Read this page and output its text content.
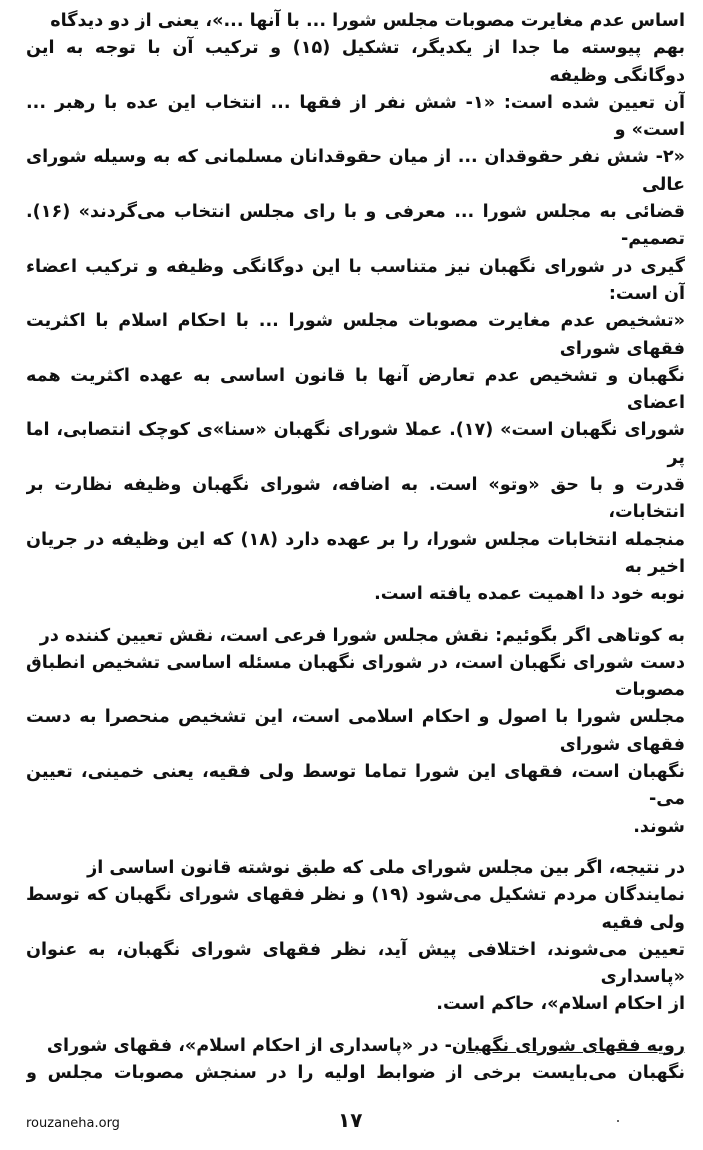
اساس عدم مغایرت مصوبات مجلس شورا ... با آنها ...»، یعنی از دو دیدگاه

بهم پیوسته ما جدا از یکدیگر، تشکیل (۱۵) و ترکیب آن با توجه به این دوگانگی وظیفه

آن تعیین شده است: «۱- شش نفر از فقها ... انتخاب این عده با رهبر ... است» و

«۲- شش نفر حقوقدان ... از میان حقوقدانان مسلمانی که به وسیله شورای عالی

قضائی به مجلس شورا ... معرفی و با رای مجلس انتخاب می‌گردند» (۱۶). تصمیم-

گیری در شورای نگهبان نیز متناسب با این دوگانگی وظیفه و ترکیب اعضاء آن است:

«تشخیص عدم مغایرت مصوبات مجلس شورا ... با احکام اسلام با اکثریت فقهای شورای

نگهبان و تشخیص عدم تعارض آنها با قانون اساسی به عهده اکثریت همه اعضای

شورای نگهبان است» (۱۷). عملا شورای نگهبان «سنا»ی کوچک انتصابی، اما پر

قدرت و با حق «وتو» است. به اضافه، شورای نگهبان وظیفه نظارت بر انتخابات،

منجمله انتخابات مجلس شورا، را بر عهده دارد (۱۸) که این وظیفه در جریان اخیر به

نوبه خود دا اهمیت عمده یافته است.

به کوتاهی اگر بگوئیم: نقش مجلس شورا فرعی است، نقش تعیین کننده در

دست شورای نگهبان است، در شورای نگهبان مسئله اساسی تشخیص انطباق مصوبات

مجلس شورا با اصول و احکام اسلامی است، این تشخیص منحصرا به دست فقهای شورای

نگهبان است، فقهای این شورا تماما توسط ولی فقیه، یعنی خمینی، تعیین می-

شوند.

در نتیجه، اگر بین مجلس شورای ملی که طبق نوشته قانون اساسی از

نمایندگان مردم تشکیل می‌شود (۱۹) و نظر فقهای شورای نگهبان که توسط ولی فقیه

تعیین می‌شوند، اختلافی پیش آید، نظر فقهای شورای نگهبان، به عنوان «پاسداری

از احکام اسلام»، حاکم است.

رویه فقهای شورای نگهبان- در «پاسداری از احکام اسلام»، فقهای شورای

نگهبان می‌بایست برخی از ضوابط اولیه را در سنجش مصوبات مجلس و

rouzaneha.org	۱۷
